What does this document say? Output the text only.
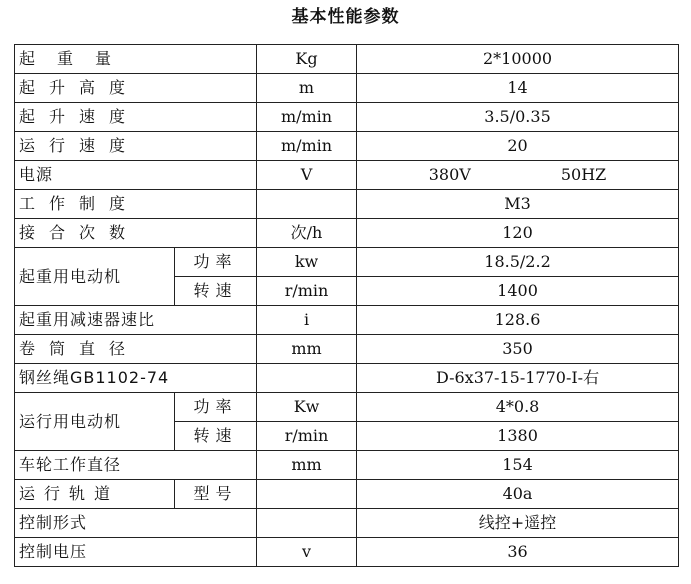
基本性能参数
起重量		Kg	2*10000
起升高度		m	14
起升速度		m/min	3.5/0.35
运行速度		m/min	20
电源		V	380V 50HZ
工作制度			M3
接合次数		次/h	120
起重用电动机	功率	kw	18.5/2.2
	转速	r/min	1400
起重用减速器速比		i	128.6
卷筒直径		mm	350
钢丝绳GB1102-74			D-6x37-15-1770-Ⅰ-右
运行用电动机	功率	Kw	4*0.8
	转速	r/min	1380
车轮工作直径		mm	154
运行轨道	型号		40a
控制形式			线控+遥控
控制电压		v	36
